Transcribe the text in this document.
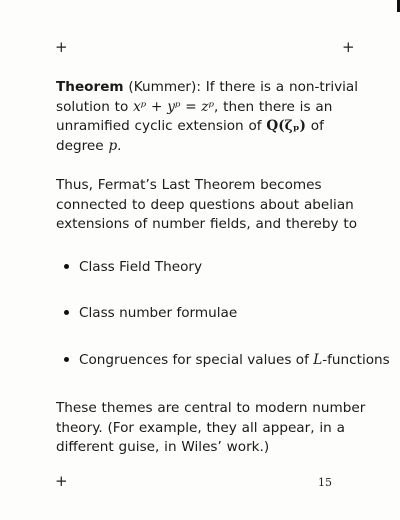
+	+
Theorem (Kummer): If there is a non-trivial solution to xᵖ + yᵖ = zᵖ, then there is an unramified cyclic extension of Q(ζₚ) of degree p.
Thus, Fermat’s Last Theorem becomes connected to deep questions about abelian extensions of number fields, and thereby to
Class Field Theory
Class number formulae
Congruences for special values of L-functions
These themes are central to modern number theory. (For example, they all appear, in a different guise, in Wiles’ work.)
+	15
